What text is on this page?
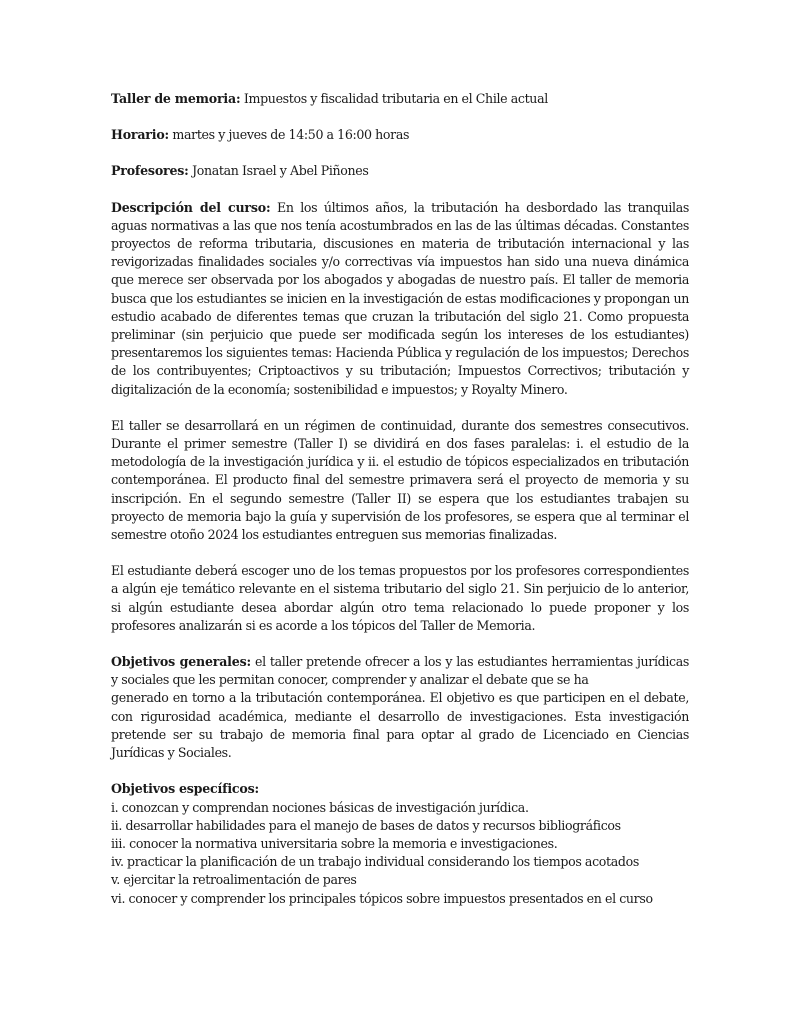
Taller de memoria: Impuestos y fiscalidad tributaria en el Chile actual

Horario: martes y jueves de 14:50 a 16:00 horas

Profesores: Jonatan Israel y Abel Piñones

Descripción del curso: En los últimos años, la tributación ha desbordado las tranquilas aguas normativas a las que nos tenía acostumbrados en las de las últimas décadas. Constantes proyectos de reforma tributaria, discusiones en materia de tributación internacional y las revigorizadas finalidades sociales y/o correctivas vía impuestos han sido una nueva dinámica que merece ser observada por los abogados y abogadas de nuestro país. El taller de memoria busca que los estudiantes se inicien en la investigación de estas modificaciones y propongan un estudio acabado de diferentes temas que cruzan la tributación del siglo 21. Como propuesta preliminar (sin perjuicio que puede ser modificada según los intereses de los estudiantes) presentaremos los siguientes temas: Hacienda Pública y regulación de los impuestos; Derechos de los contribuyentes; Criptoactivos y su tributación; Impuestos Correctivos; tributación y digitalización de la economía; sostenibilidad e impuestos; y Royalty Minero.

El taller se desarrollará en un régimen de continuidad, durante dos semestres consecutivos. Durante el primer semestre (Taller I) se dividirá en dos fases paralelas: i. el estudio de la metodología de la investigación jurídica y ii. el estudio de tópicos especializados en tributación contemporánea. El producto final del semestre primavera será el proyecto de memoria y su inscripción. En el segundo semestre (Taller II) se espera que los estudiantes trabajen su proyecto de memoria bajo la guía y supervisión de los profesores, se espera que al terminar el semestre otoño 2024 los estudiantes entreguen sus memorias finalizadas.

El estudiante deberá escoger uno de los temas propuestos por los profesores correspondientes a algún eje temático relevante en el sistema tributario del siglo 21. Sin perjuicio de lo anterior, si algún estudiante desea abordar algún otro tema relacionado lo puede proponer y los profesores analizarán si es acorde a los tópicos del Taller de Memoria.

Objetivos generales: el taller pretende ofrecer a los y las estudiantes herramientas jurídicas y sociales que les permitan conocer, comprender y analizar el debate que se ha
generado en torno a la tributación contemporánea. El objetivo es que participen en el debate, con rigurosidad académica, mediante el desarrollo de investigaciones. Esta investigación pretende ser su trabajo de memoria final para optar al grado de Licenciado en Ciencias Jurídicas y Sociales.

Objetivos específicos:
i. conozcan y comprendan nociones básicas de investigación jurídica.
ii. desarrollar habilidades para el manejo de bases de datos y recursos bibliográficos
iii. conocer la normativa universitaria sobre la memoria e investigaciones.
iv. practicar la planificación de un trabajo individual considerando los tiempos acotados
v. ejercitar la retroalimentación de pares
vi. conocer y comprender los principales tópicos sobre impuestos presentados en el curso
